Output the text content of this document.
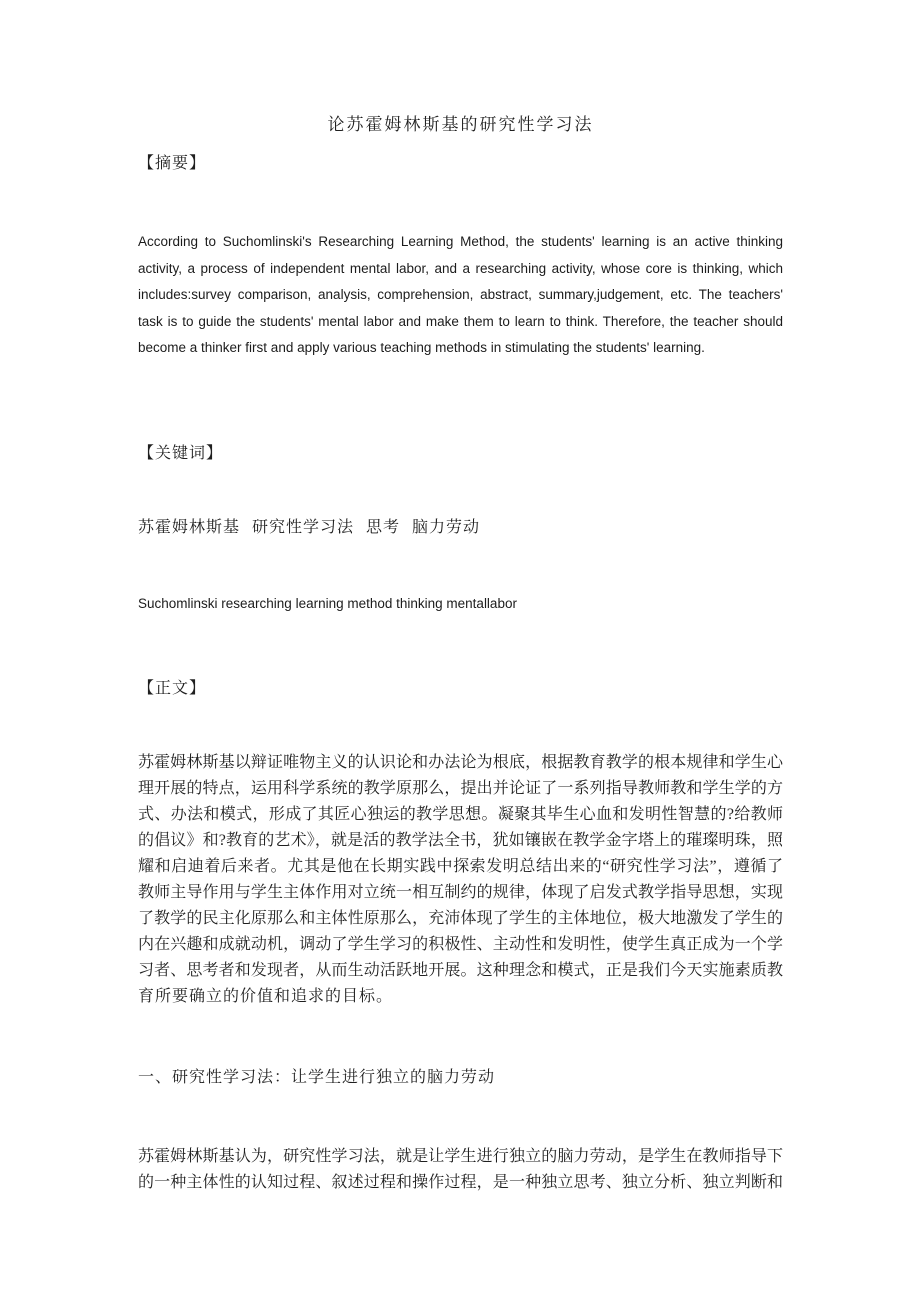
论苏霍姆林斯基的研究性学习法
【摘要】
According to Suchomlinski's Researching Learning Method, the students' learning is an active thinking activity, a process of independent mental labor, and a researching activity, whose core is thinking, which includes:survey comparison, analysis, comprehension, abstract, summary,judgement, etc. The teachers' task is to guide the students' mental labor and make them to learn to think. Therefore, the teacher should become a thinker first and apply various teaching methods in stimulating the students' learning.
【关键词】
苏霍姆林斯基 研究性学习法 思考 脑力劳动
Suchomlinski researching learning method thinking mentallabor
【正文】
苏霍姆林斯基以辩证唯物主义的认识论和办法论为根底，根据教育教学的根本规律和学生心
理开展的特点，运用科学系统的教学原那么，提出并论证了一系列指导教师教和学生学的方
式、办法和模式，形成了其匠心独运的教学思想。凝聚其毕生心血和发明性智慧的?给教师
的倡议》和?教育的艺术》，就是活的教学法全书，犹如镶嵌在教学金字塔上的璀璨明珠，照
耀和启迪着后来者。尤其是他在长期实践中探索发明总结出来的“研究性学习法”，遵循了
教师主导作用与学生主体作用对立统一相互制约的规律，体现了启发式教学指导思想，实现
了教学的民主化原那么和主体性原那么，充沛体现了学生的主体地位，极大地激发了学生的
内在兴趣和成就动机，调动了学生学习的积极性、主动性和发明性，使学生真正成为一个学
习者、思考者和发现者，从而生动活跃地开展。这种理念和模式，正是我们今天实施素质教
育所要确立的价值和追求的目标。
一、研究性学习法：让学生进行独立的脑力劳动
苏霍姆林斯基认为，研究性学习法，就是让学生进行独立的脑力劳动，是学生在教师指导下
的一种主体性的认知过程、叙述过程和操作过程，是一种独立思考、独立分析、独立判断和
